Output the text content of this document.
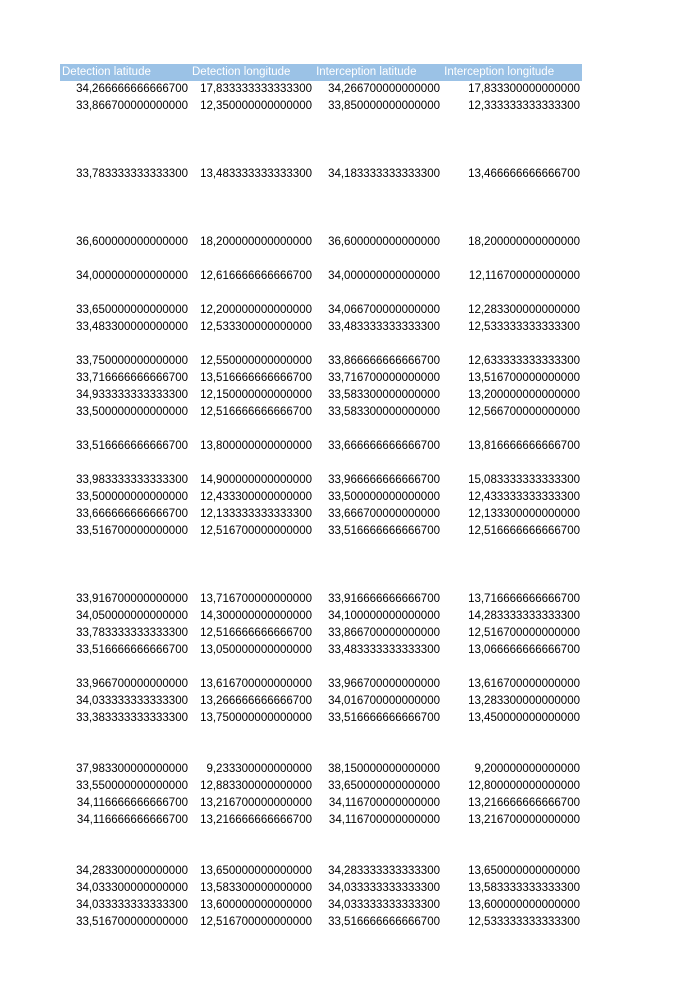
Detection latitude	Detection longitude	Interception latitude	Interception longitude
34,266666666666700	17,833333333333300	34,266700000000000	17,833300000000000
33,866700000000000	12,350000000000000	33,850000000000000	12,333333333333300
33,783333333333300	13,483333333333300	34,183333333333300	13,466666666666700
36,600000000000000	18,200000000000000	36,600000000000000	18,200000000000000
34,000000000000000	12,616666666666700	34,000000000000000	12,116700000000000
33,650000000000000	12,200000000000000	34,066700000000000	12,283300000000000
33,483300000000000	12,533300000000000	33,483333333333300	12,533333333333300
33,750000000000000	12,550000000000000	33,866666666666700	12,633333333333300
33,716666666666700	13,516666666666700	33,716700000000000	13,516700000000000
34,933333333333300	12,150000000000000	33,583300000000000	13,200000000000000
33,500000000000000	12,516666666666700	33,583300000000000	12,566700000000000
33,516666666666700	13,800000000000000	33,666666666666700	13,816666666666700
33,983333333333300	14,900000000000000	33,966666666666700	15,083333333333300
33,500000000000000	12,433300000000000	33,500000000000000	12,433333333333300
33,666666666666700	12,133333333333300	33,666700000000000	12,133300000000000
33,516700000000000	12,516700000000000	33,516666666666700	12,516666666666700
33,916700000000000	13,716700000000000	33,916666666666700	13,716666666666700
34,050000000000000	14,300000000000000	34,100000000000000	14,283333333333300
33,783333333333300	12,516666666666700	33,866700000000000	12,516700000000000
33,516666666666700	13,050000000000000	33,483333333333300	13,066666666666700
33,966700000000000	13,616700000000000	33,966700000000000	13,616700000000000
34,033333333333300	13,266666666666700	34,016700000000000	13,283300000000000
33,383333333333300	13,750000000000000	33,516666666666700	13,450000000000000
37,983300000000000	9,233300000000000	38,150000000000000	9,200000000000000
33,550000000000000	12,883300000000000	33,650000000000000	12,800000000000000
34,116666666666700	13,216700000000000	34,116700000000000	13,216666666666700
34,116666666666700	13,216666666666700	34,116700000000000	13,216700000000000
34,283300000000000	13,650000000000000	34,283333333333300	13,650000000000000
34,033300000000000	13,583300000000000	34,033333333333300	13,583333333333300
34,033333333333300	13,600000000000000	34,033333333333300	13,600000000000000
33,516700000000000	12,516700000000000	33,516666666666700	12,533333333333300
